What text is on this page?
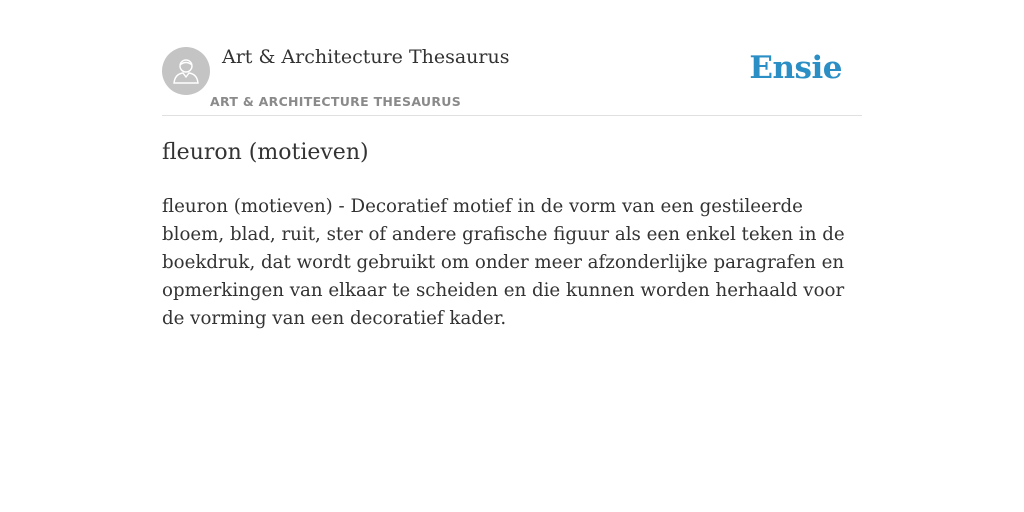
Art & Architecture Thesaurus
ART & ARCHITECTURE THESAURUS
Ensie
fleuron (motieven)

fleuron (motieven) - Decoratief motief in de vorm van een gestileerde bloem, blad, ruit, ster of andere grafische figuur als een enkel teken in de boekdruk, dat wordt gebruikt om onder meer afzonderlijke paragrafen en opmerkingen van elkaar te scheiden en die kunnen worden herhaald voor de vorming van een decoratief kader.
